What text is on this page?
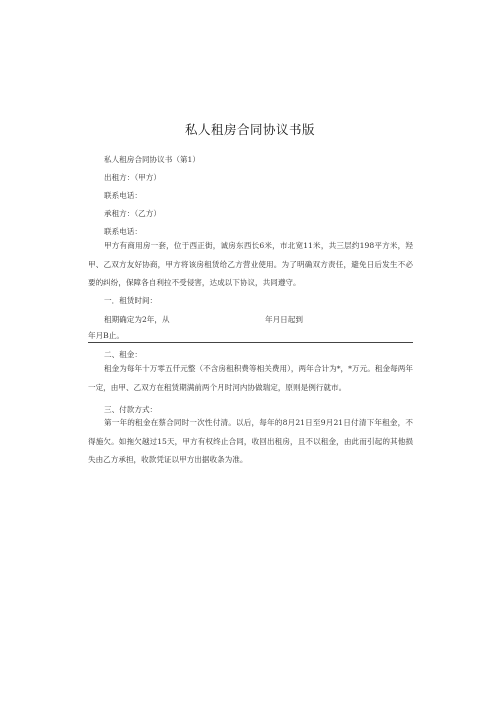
私人租房合同协议书版
私人租房合同协议书（第1）
出租方：（甲方）
联系电话：
承租方：（乙方）
联系电话：
甲方有商用房一套，位于西正街，诚房东西长6米，市北宽11米，共三层约198平方米，羟甲、乙双方友好协商，甲方将该房租赁给乙方营业使用。为了明确双方责任，避免日后发生不必要的纠纷，保障各自利拉不受侵害，达成以下协议，共同遵守。
一．租赁时间：
租期确定为2年，从	年月日起到
年月B止。
二、租金：
租金为每年十万零五仟元整（不含房租积费等相关费用），两年合计为*，*万元。租金每两年一定，由甲、乙双方在租赁期满前两个月时河内协做瑞定，原则是例行就市。
三、付款方式：
第一年的租金在蔡合同时一次性付清。以后，每年的8月21日至9月21日付清下年租金，不得施欠。如拖欠越过15天，甲方有权终止合同，收回出租房，且不以租金，由此而引起的其他损失由乙方承担，收款凭证以甲方出据收条为准。
